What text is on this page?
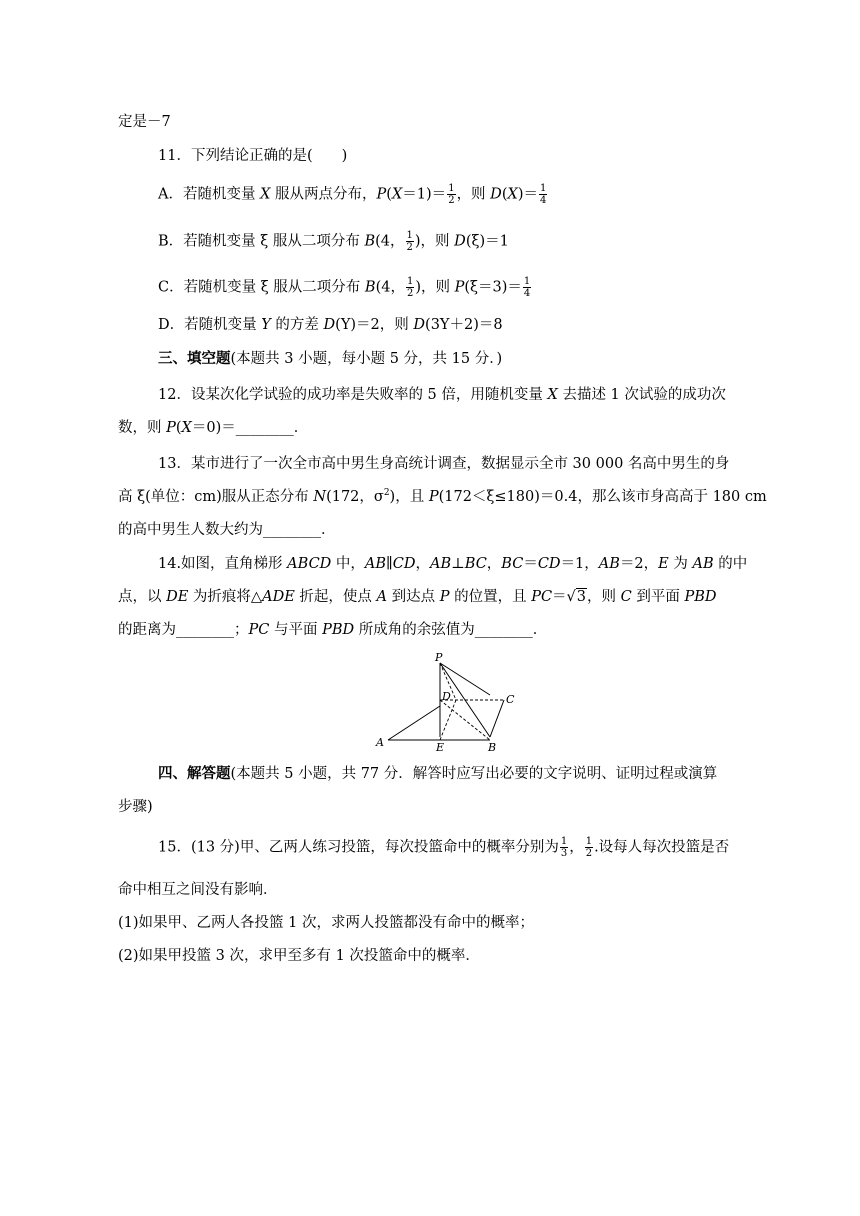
定是－7
11．下列结论正确的是(　　)
A．若随机变量 X 服从两点分布，$P(X=1)= \frac{1}{2}$ ，则 $D(X)= \frac{1}{4}$
B．若随机变量 ξ 服从二项分布 B(4， $\frac{1}{2}$ )，则 D(ξ)＝1
C．若随机变量 ξ 服从二项分布 B(4， $\frac{1}{2}$ )，则 $P(\xi=3)= \frac{1}{4}$
D．若随机变量 Y 的方差 D(Y)＝2，则 D(3Y＋2)＝8
三、填空题(本题共 3 小题，每小题 5 分，共 15 分．)
12．设某次化学试验的成功率是失败率的 5 倍，用随机变量 X 去描述 1 次试验的成功次
数，则 P(X＝0)＝________．
13．某市进行了一次全市高中男生身高统计调查，数据显示全市 30 000 名高中男生的身
高 ξ(单位：cm)服从正态分布 N(172，$\sigma^2$)，且 P(172＜ξ≤180)＝0.4，那么该市身高高于 180 cm
的高中男生人数大约为________．
14.如图，直角梯形 ABCD 中，AB∥CD，AB⊥BC，BC＝CD＝1，AB＝2，E 为 AB 的中
点，以 DE 为折痕将△ADE 折起，使点 A 到达点 P 的位置，且 PC＝√3，则 C 到平面 PBD
的距离为________；PC 与平面 PBD 所成角的余弦值为________．
P
D	C
A	E	B
四、解答题(本题共 5 小题，共 77 分．解答时应写出必要的文字说明、证明过程或演算
步骤)
15．(13 分)甲、乙两人练习投篮，每次投篮命中的概率分别为 $\frac{1}{3}$ ， $\frac{1}{2}$ .设每人每次投篮是否
命中相互之间没有影响．
(1)如果甲、乙两人各投篮 1 次，求两人投篮都没有命中的概率；
(2)如果甲投篮 3 次，求甲至多有 1 次投篮命中的概率．
